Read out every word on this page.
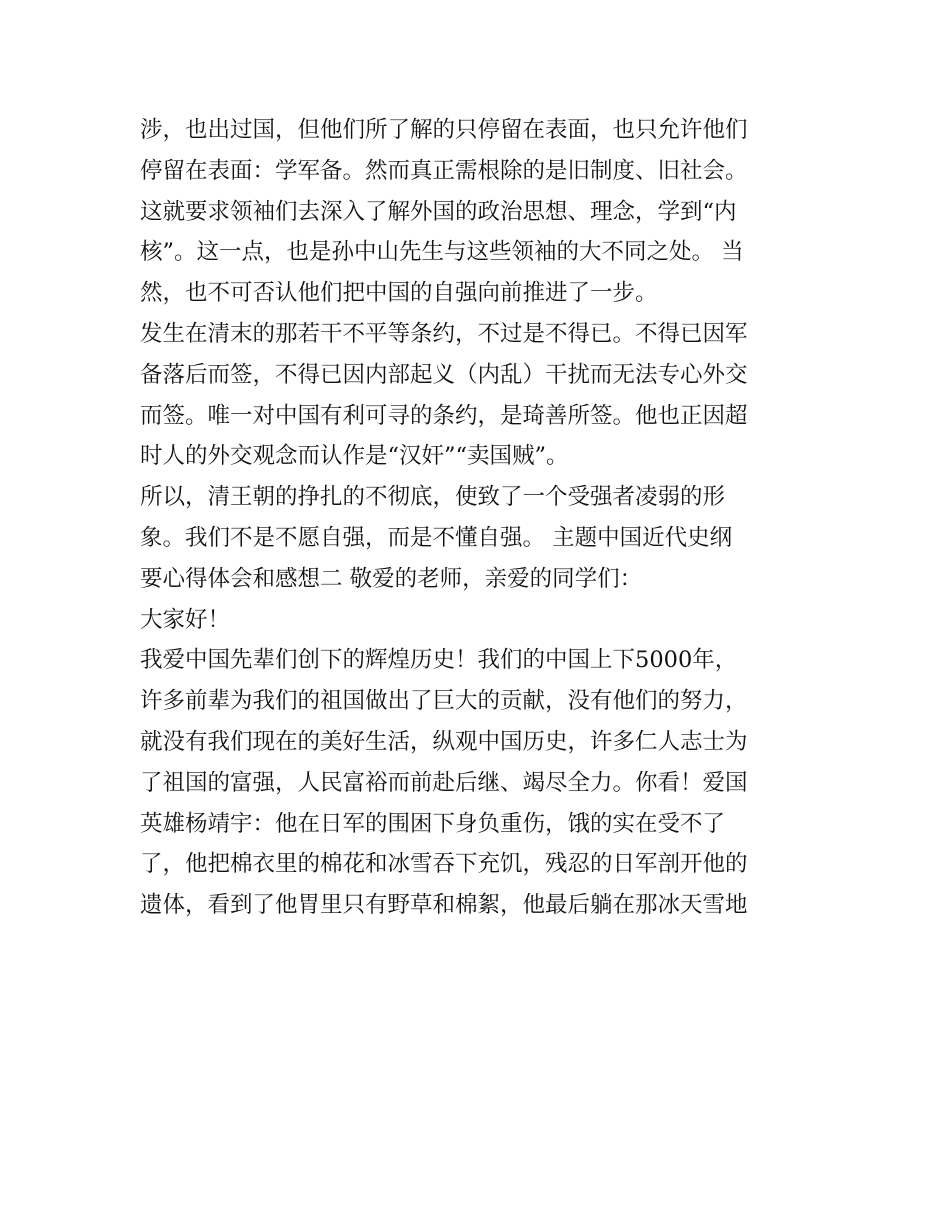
涉，也出过国，但他们所了解的只停留在表面，也只允许他们
停留在表面：学军备。然而真正需根除的是旧制度、旧社会。
这就要求领袖们去深入了解外国的政治思想、理念，学到“内
核”。这一点，也是孙中山先生与这些领袖的大不同之处。 当
然，也不可否认他们把中国的自强向前推进了一步。
发生在清末的那若干不平等条约，不过是不得已。不得已因军
备落后而签，不得已因内部起义（内乱）干扰而无法专心外交
而签。唯一对中国有利可寻的条约，是琦善所签。他也正因超
时人的外交观念而认作是“汉奸”“卖国贼”。
所以，清王朝的挣扎的不彻底，使致了一个受强者凌弱的形
象。我们不是不愿自强，而是不懂自强。 主题中国近代史纲
要心得体会和感想二 敬爱的老师，亲爱的同学们：
大家好！
我爱中国先辈们创下的辉煌历史！我们的中国上下5000年，
许多前辈为我们的祖国做出了巨大的贡献，没有他们的努力，
就没有我们现在的美好生活，纵观中国历史，许多仁人志士为
了祖国的富强，人民富裕而前赴后继、竭尽全力。你看！爱国
英雄杨靖宇：他在日军的围困下身负重伤，饿的实在受不了
了，他把棉衣里的棉花和冰雪吞下充饥，残忍的日军剖开他的
遗体，看到了他胃里只有野草和棉絮，他最后躺在那冰天雪地
